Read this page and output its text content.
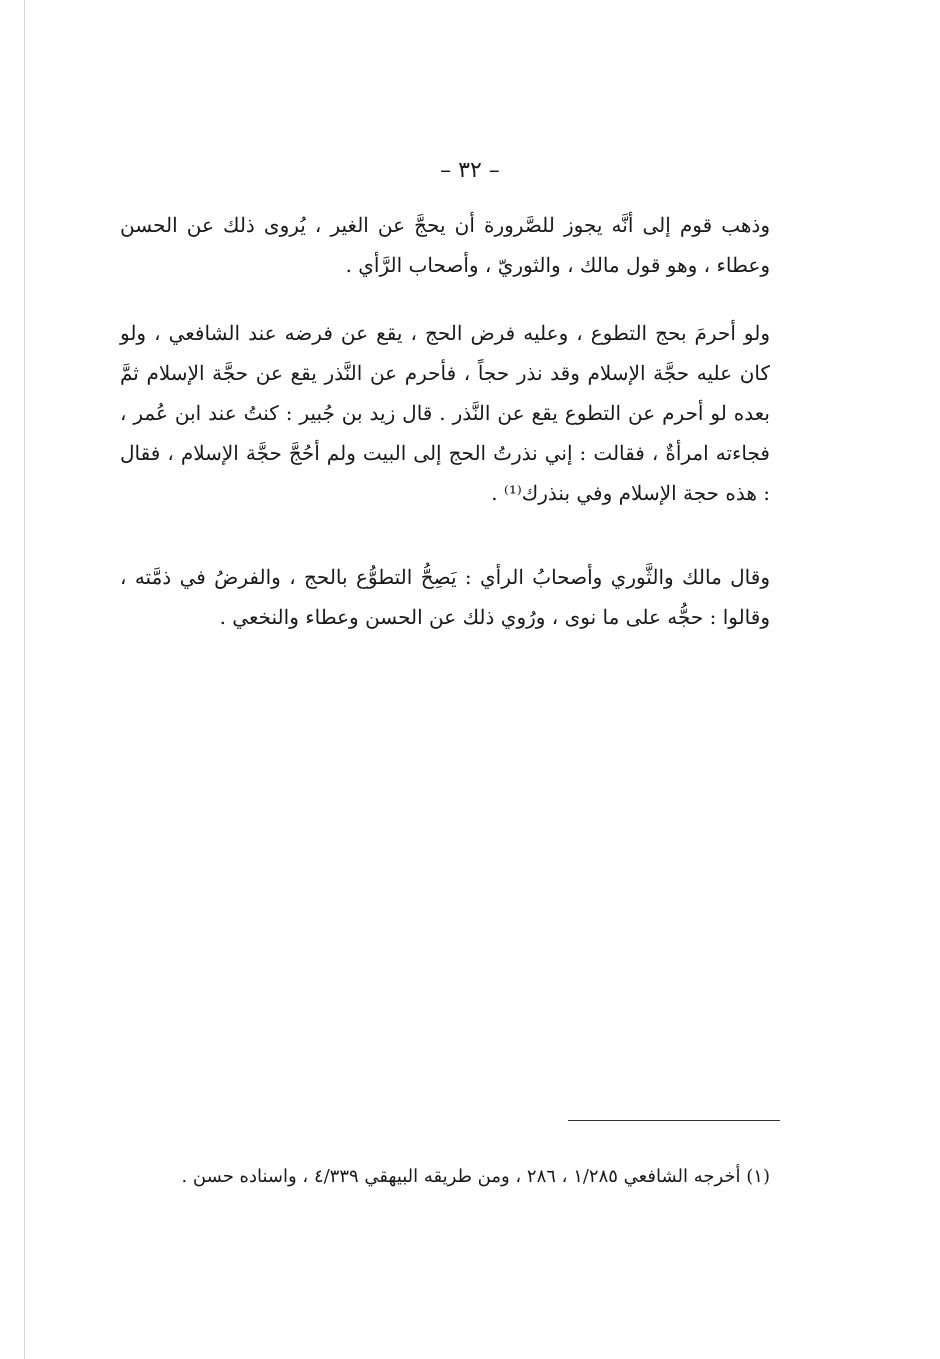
– ٣٢ –

وذهب قوم إلى أنَّه يجوز للصَّرورة أن يحجَّ عن الغير ، يُروى ذلك عن الحسن وعطاء ، وهو قول مالك ، والثوريّ ، وأصحاب الرَّأي .

ولو أحرمَ بحج التطوع ، وعليه فرض الحج ، يقع عن فرضه عند الشافعي ، ولو كان عليه حجَّة الإسلام وقد نذر حجاً ، فأحرم عن النَّذر يقع عن حجَّة الإسلام ثمَّ بعده لو أحرم عن التطوع يقع عن النَّذر . قال زيد بن جُبير : كنتُ عند ابن عُمر ، فجاءته امرأةٌ ، فقالت : إني نذرتُ الحج إلى البيت ولم أحُجَّ حجَّة الإسلام ، فقال : هذه حجة الإسلام وفي بنذرك⁽¹⁾ .

وقال مالك والثَّوري وأصحابُ الرأي : يَصِحُّ التطوُّع بالحج ، والفرضُ في ذمَّته ، وقالوا : حجُّه على ما نوى ، ورُوي ذلك عن الحسن وعطاء والنخعي .

(١) أخرجه الشافعي ١/٢٨٥ ، ٢٨٦ ، ومن طريقه البيهقي ٤/٣٣٩ ، واسناده حسن .
